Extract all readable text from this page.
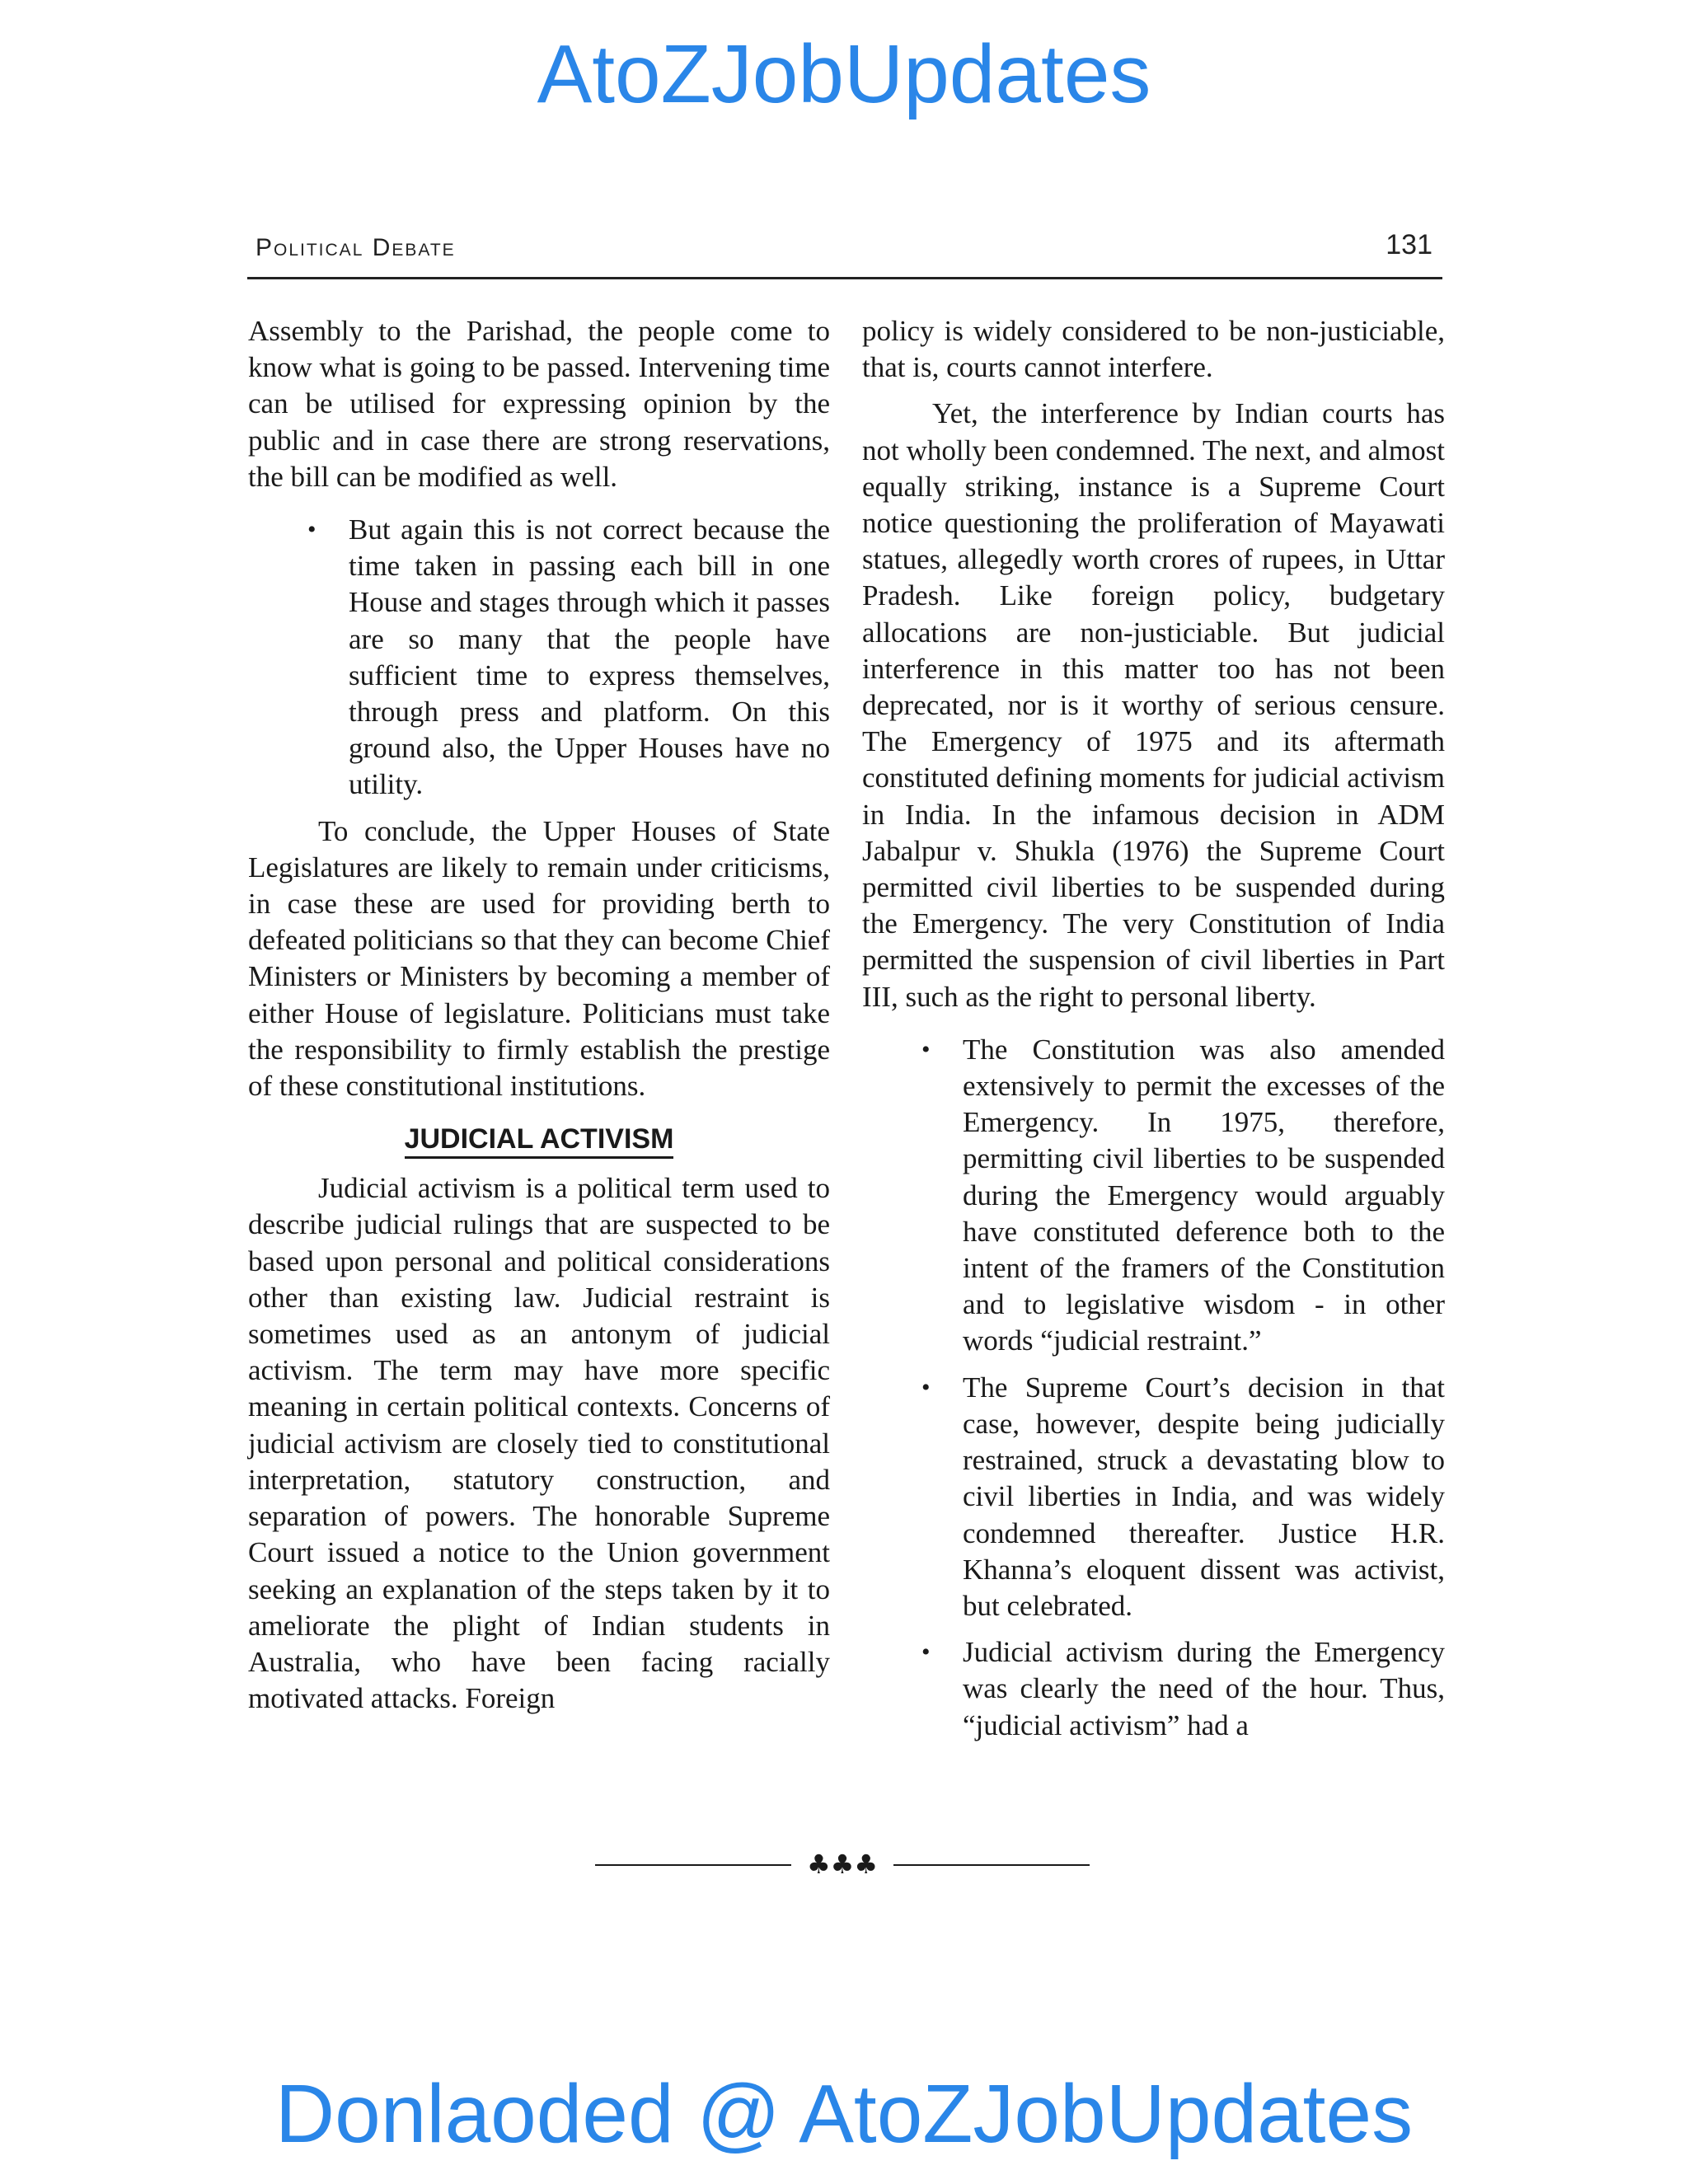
AtoZJobUpdates
Political Debate	131

Assembly to the Parishad, the people come to know what is going to be passed. Intervening time can be utilised for expressing opinion by the public and in case there are strong reservations, the bill can be modified as well.

• But again this is not correct because the time taken in passing each bill in one House and stages through which it passes are so many that the people have sufficient time to express themselves, through press and platform. On this ground also, the Upper Houses have no utility.

To conclude, the Upper Houses of State Legislatures are likely to remain under criticisms, in case these are used for providing berth to defeated politicians so that they can become Chief Ministers or Ministers by becoming a member of either House of legislature. Politicians must take the responsibility to firmly establish the prestige of these constitutional institutions.

JUDICIAL ACTIVISM

Judicial activism is a political term used to describe judicial rulings that are suspected to be based upon personal and political considerations other than existing law. Judicial restraint is sometimes used as an antonym of judicial activism. The term may have more specific meaning in certain political contexts. Concerns of judicial activism are closely tied to constitutional interpretation, statutory construction, and separation of powers. The honorable Supreme Court issued a notice to the Union government seeking an explanation of the steps taken by it to ameliorate the plight of Indian students in Australia, who have been facing racially motivated attacks. Foreign

policy is widely considered to be non-justiciable, that is, courts cannot interfere.

Yet, the interference by Indian courts has not wholly been condemned. The next, and almost equally striking, instance is a Supreme Court notice questioning the proliferation of Mayawati statues, allegedly worth crores of rupees, in Uttar Pradesh. Like foreign policy, budgetary allocations are non-justiciable. But judicial interference in this matter too has not been deprecated, nor is it worthy of serious censure. The Emergency of 1975 and its aftermath constituted defining moments for judicial activism in India. In the infamous decision in ADM Jabalpur v. Shukla (1976) the Supreme Court permitted civil liberties to be suspended during the Emergency. The very Constitution of India permitted the suspension of civil liberties in Part III, such as the right to personal liberty.

• The Constitution was also amended extensively to permit the excesses of the Emergency. In 1975, therefore, permitting civil liberties to be suspended during the Emergency would arguably have constituted deference both to the intent of the framers of the Constitution and to legislative wisdom - in other words “judicial restraint.”
• The Supreme Court’s decision in that case, however, despite being judicially restrained, struck a devastating blow to civil liberties in India, and was widely condemned thereafter. Justice H.R. Khanna’s eloquent dissent was activist, but celebrated.
• Judicial activism during the Emergency was clearly the need of the hour. Thus, “judicial activism” had a
♣♣♣
Donlaoded @ AtoZJobUpdates
